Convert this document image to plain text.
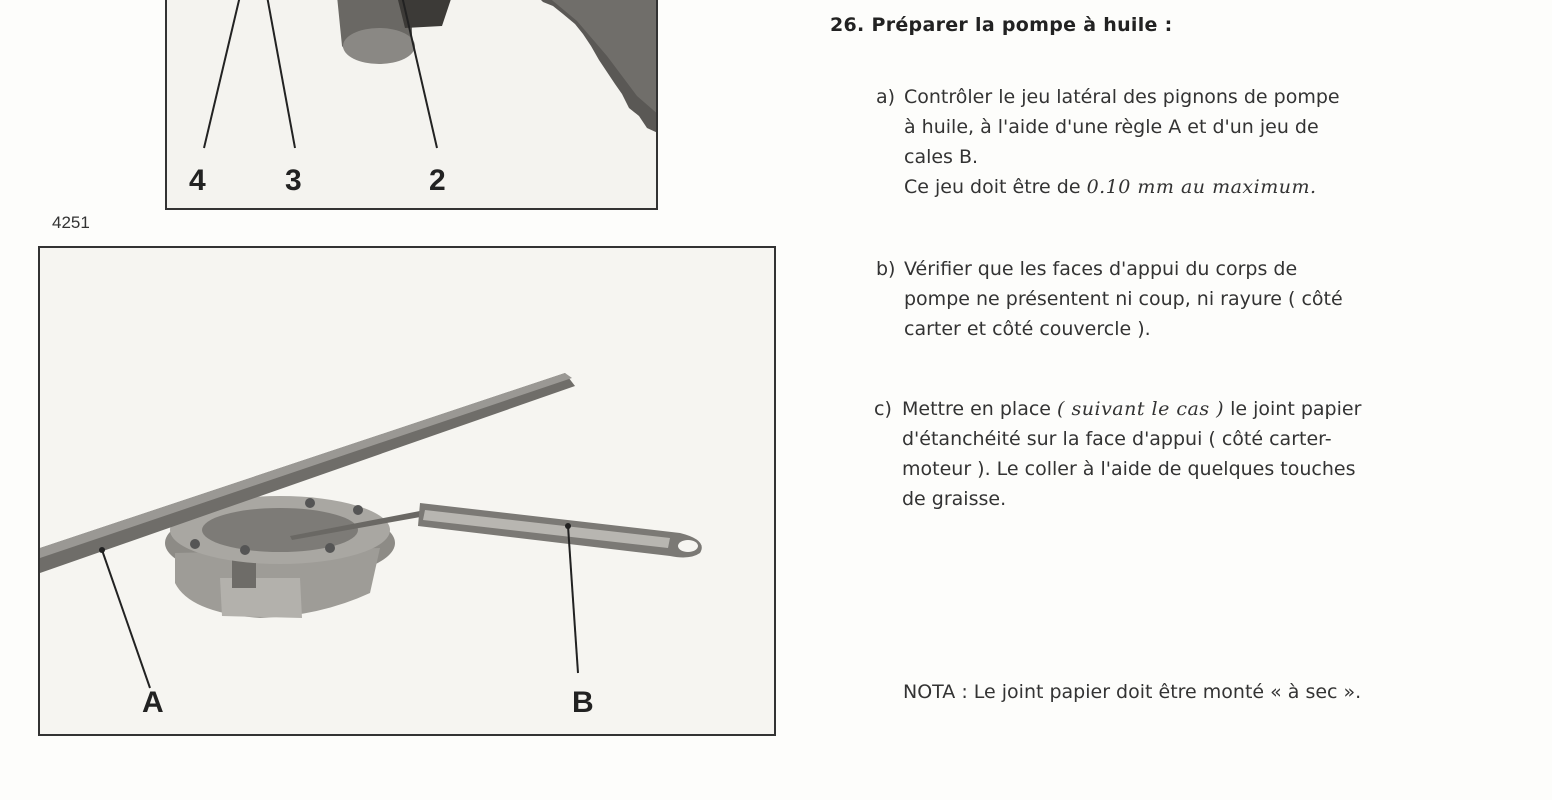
4	3	2
4251
A	B
26. Préparer la pompe à huile :
a) Contrôler le jeu latéral des pignons de pompe
à huile, à l'aide d'une règle A et d'un jeu de
cales B.
Ce jeu doit être de 0.10 mm au maximum.
b) Vérifier que les faces d'appui du corps de
pompe ne présentent ni coup, ni rayure ( côté
carter et côté couvercle ).
c) Mettre en place ( suivant le cas ) le joint papier
d'étanchéité sur la face d'appui ( côté carter-
moteur ). Le coller à l'aide de quelques touches
de graisse.
NOTA : Le joint papier doit être monté « à sec ».
